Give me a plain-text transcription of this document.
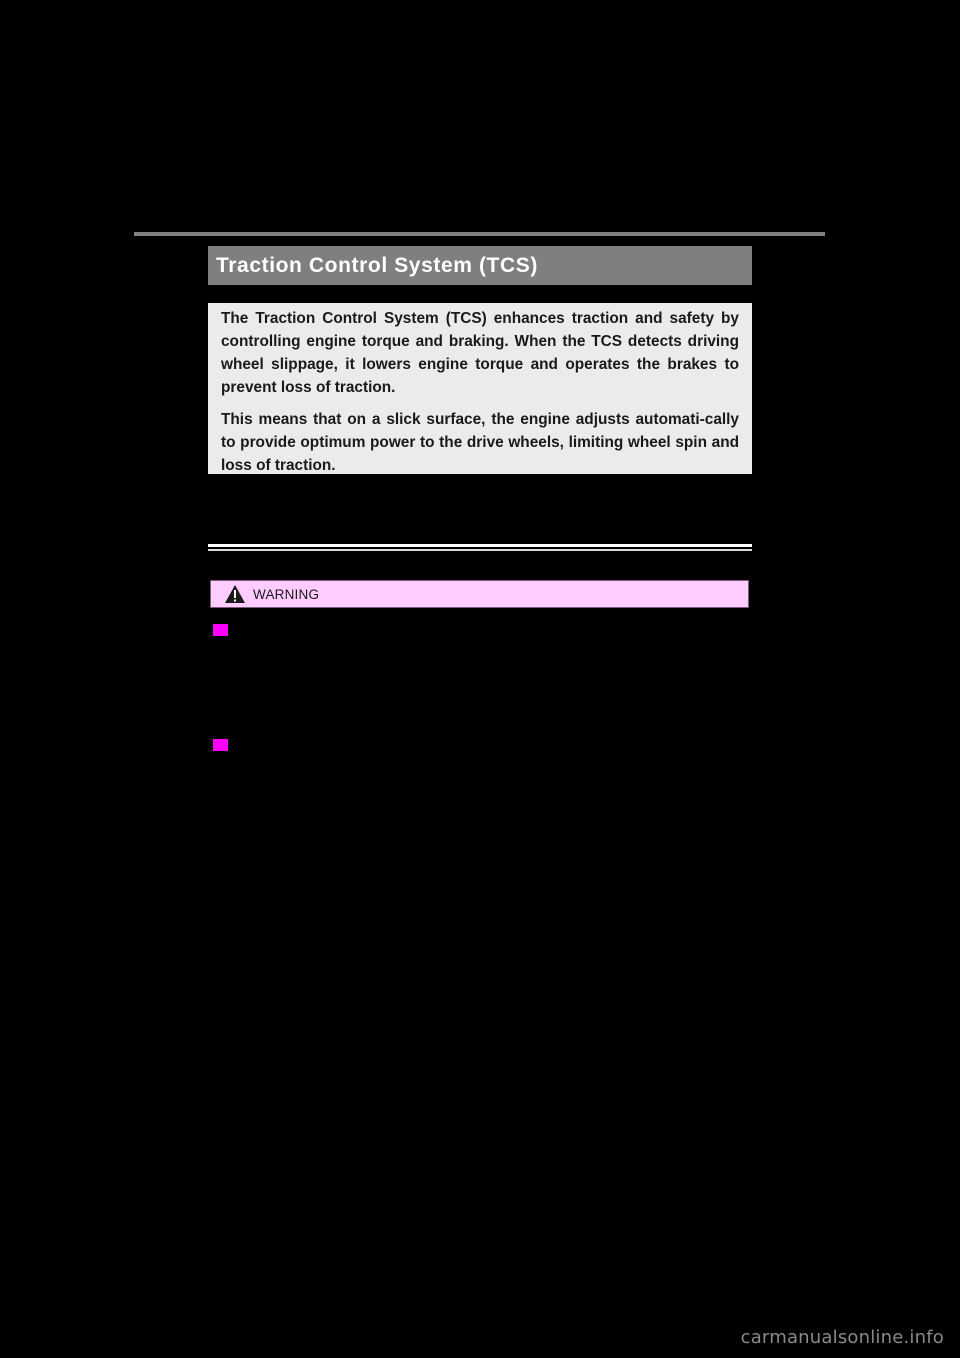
Traction Control System (TCS)

The Traction Control System (TCS) enhances traction and safety by controlling engine torque and braking. When the TCS detects driving wheel slippage, it lowers engine torque and operates the brakes to prevent loss of traction.

This means that on a slick surface, the engine adjusts automati-cally to provide optimum power to the drive wheels, limiting wheel spin and loss of traction.

WARNING
carmanualsonline.info
